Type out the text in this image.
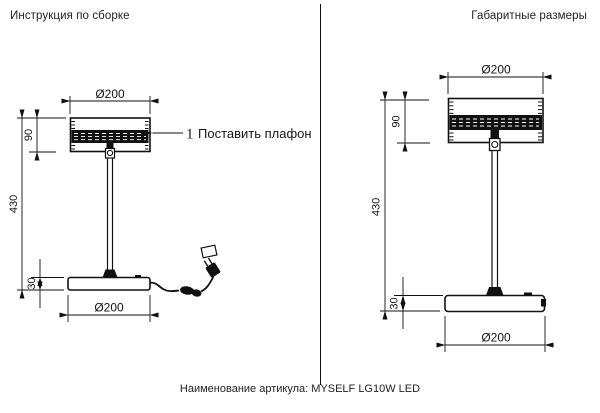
Инструкция по сборке	Габаритные размеры
Ø200
90
430
30
Ø200
1 Поставить плафон
Ø200
90
430
30
Ø200
Наименование артикула: MYSELF LG10W LED
